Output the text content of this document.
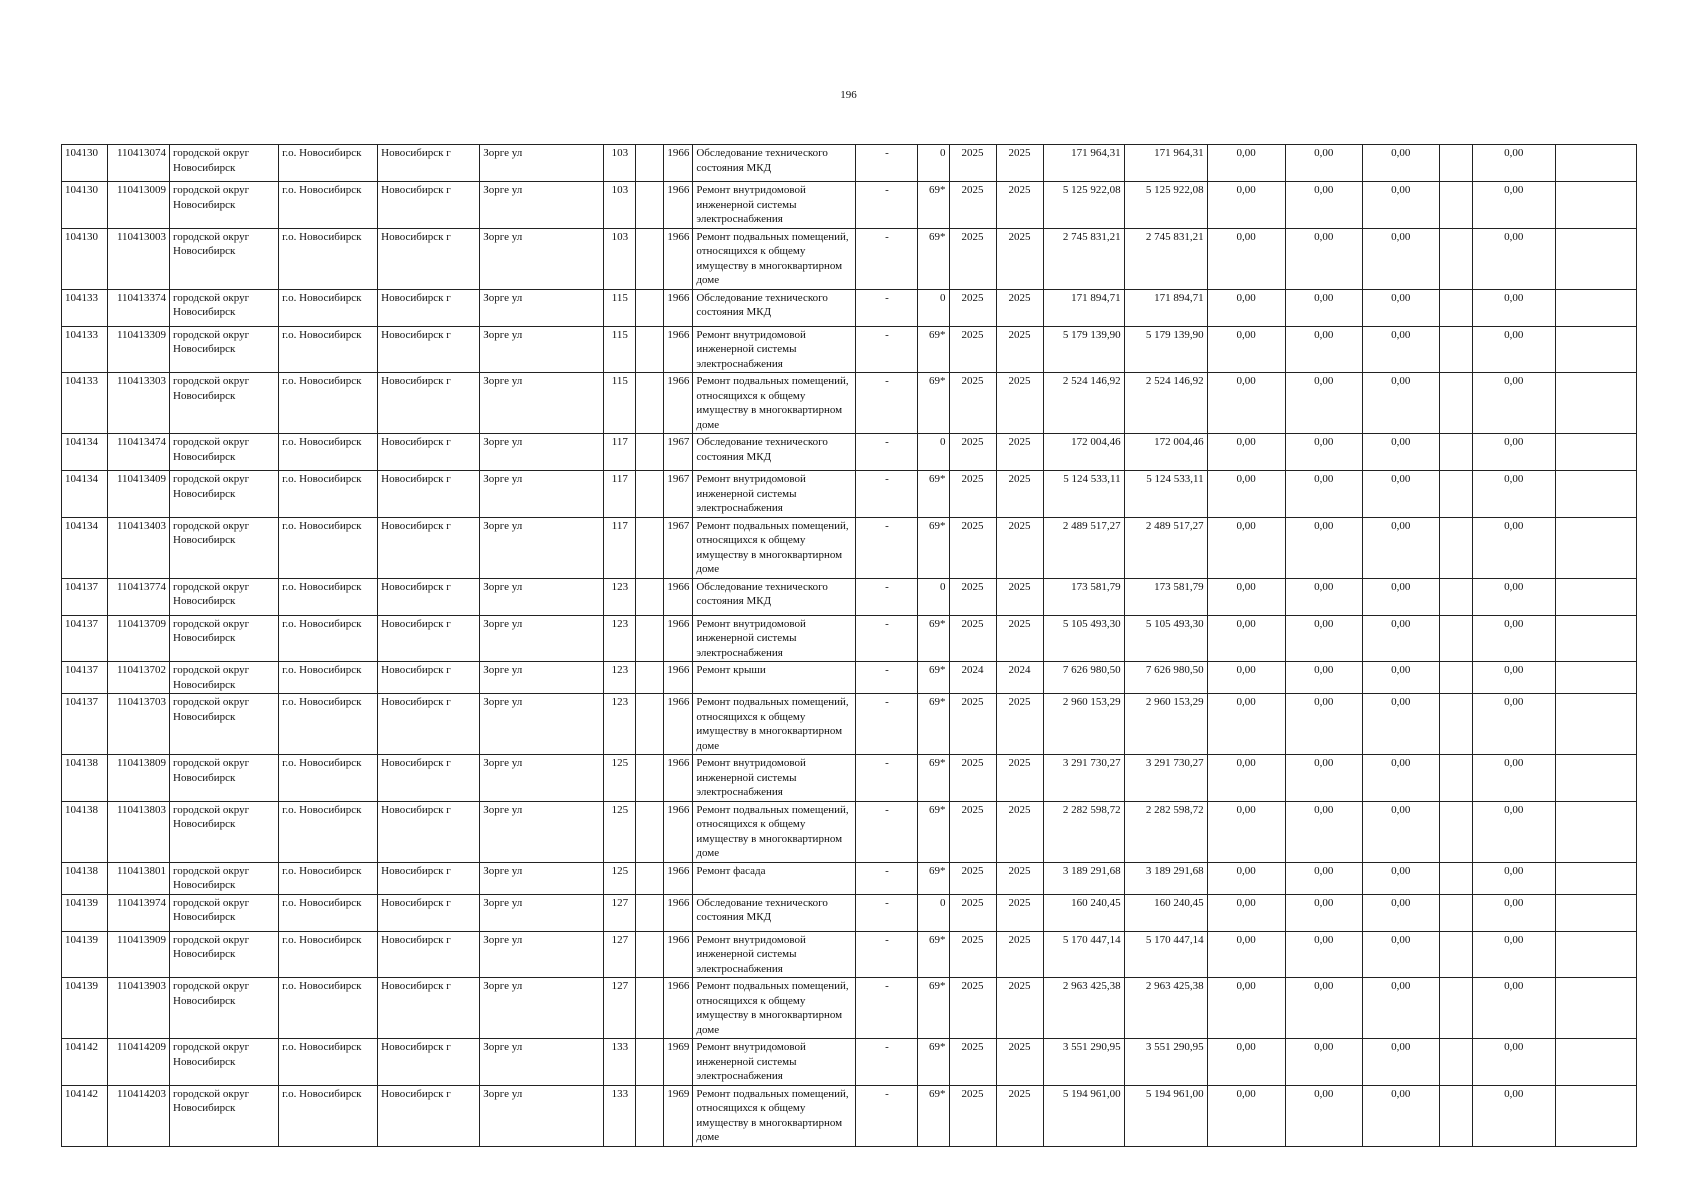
196
104130	110413074	городской округ Новосибирск	г.о. Новосибирск	Новосибирск г	Зорге ул	103		1966	Обследование технического состояния МКД	-	0	2025	2025	171 964,31	171 964,31	0,00	0,00	0,00		0,00	
104130	110413009	городской округ Новосибирск	г.о. Новосибирск	Новосибирск г	Зорге ул	103		1966	Ремонт внутридомовой инженерной системы электроснабжения	-	69*	2025	2025	5 125 922,08	5 125 922,08	0,00	0,00	0,00		0,00	
104130	110413003	городской округ Новосибирск	г.о. Новосибирск	Новосибирск г	Зорге ул	103		1966	Ремонт подвальных помещений, относящихся к общему имуществу в многоквартирном доме	-	69*	2025	2025	2 745 831,21	2 745 831,21	0,00	0,00	0,00		0,00	
104133	110413374	городской округ Новосибирск	г.о. Новосибирск	Новосибирск г	Зорге ул	115		1966	Обследование технического состояния МКД	-	0	2025	2025	171 894,71	171 894,71	0,00	0,00	0,00		0,00	
104133	110413309	городской округ Новосибирск	г.о. Новосибирск	Новосибирск г	Зорге ул	115		1966	Ремонт внутридомовой инженерной системы электроснабжения	-	69*	2025	2025	5 179 139,90	5 179 139,90	0,00	0,00	0,00		0,00	
104133	110413303	городской округ Новосибирск	г.о. Новосибирск	Новосибирск г	Зорге ул	115		1966	Ремонт подвальных помещений, относящихся к общему имуществу в многоквартирном доме	-	69*	2025	2025	2 524 146,92	2 524 146,92	0,00	0,00	0,00		0,00	
104134	110413474	городской округ Новосибирск	г.о. Новосибирск	Новосибирск г	Зорге ул	117		1967	Обследование технического состояния МКД	-	0	2025	2025	172 004,46	172 004,46	0,00	0,00	0,00		0,00	
104134	110413409	городской округ Новосибирск	г.о. Новосибирск	Новосибирск г	Зорге ул	117		1967	Ремонт внутридомовой инженерной системы электроснабжения	-	69*	2025	2025	5 124 533,11	5 124 533,11	0,00	0,00	0,00		0,00	
104134	110413403	городской округ Новосибирск	г.о. Новосибирск	Новосибирск г	Зорге ул	117		1967	Ремонт подвальных помещений, относящихся к общему имуществу в многоквартирном доме	-	69*	2025	2025	2 489 517,27	2 489 517,27	0,00	0,00	0,00		0,00	
104137	110413774	городской округ Новосибирск	г.о. Новосибирск	Новосибирск г	Зорге ул	123		1966	Обследование технического состояния МКД	-	0	2025	2025	173 581,79	173 581,79	0,00	0,00	0,00		0,00	
104137	110413709	городской округ Новосибирск	г.о. Новосибирск	Новосибирск г	Зорге ул	123		1966	Ремонт внутридомовой инженерной системы электроснабжения	-	69*	2025	2025	5 105 493,30	5 105 493,30	0,00	0,00	0,00		0,00	
104137	110413702	городской округ Новосибирск	г.о. Новосибирск	Новосибирск г	Зорге ул	123		1966	Ремонт крыши	-	69*	2024	2024	7 626 980,50	7 626 980,50	0,00	0,00	0,00		0,00	
104137	110413703	городской округ Новосибирск	г.о. Новосибирск	Новосибирск г	Зорге ул	123		1966	Ремонт подвальных помещений, относящихся к общему имуществу в многоквартирном доме	-	69*	2025	2025	2 960 153,29	2 960 153,29	0,00	0,00	0,00		0,00	
104138	110413809	городской округ Новосибирск	г.о. Новосибирск	Новосибирск г	Зорге ул	125		1966	Ремонт внутридомовой инженерной системы электроснабжения	-	69*	2025	2025	3 291 730,27	3 291 730,27	0,00	0,00	0,00		0,00	
104138	110413803	городской округ Новосибирск	г.о. Новосибирск	Новосибирск г	Зорге ул	125		1966	Ремонт подвальных помещений, относящихся к общему имуществу в многоквартирном доме	-	69*	2025	2025	2 282 598,72	2 282 598,72	0,00	0,00	0,00		0,00	
104138	110413801	городской округ Новосибирск	г.о. Новосибирск	Новосибирск г	Зорге ул	125		1966	Ремонт фасада	-	69*	2025	2025	3 189 291,68	3 189 291,68	0,00	0,00	0,00		0,00	
104139	110413974	городской округ Новосибирск	г.о. Новосибирск	Новосибирск г	Зорге ул	127		1966	Обследование технического состояния МКД	-	0	2025	2025	160 240,45	160 240,45	0,00	0,00	0,00		0,00	
104139	110413909	городской округ Новосибирск	г.о. Новосибирск	Новосибирск г	Зорге ул	127		1966	Ремонт внутридомовой инженерной системы электроснабжения	-	69*	2025	2025	5 170 447,14	5 170 447,14	0,00	0,00	0,00		0,00	
104139	110413903	городской округ Новосибирск	г.о. Новосибирск	Новосибирск г	Зорге ул	127		1966	Ремонт подвальных помещений, относящихся к общему имуществу в многоквартирном доме	-	69*	2025	2025	2 963 425,38	2 963 425,38	0,00	0,00	0,00		0,00	
104142	110414209	городской округ Новосибирск	г.о. Новосибирск	Новосибирск г	Зорге ул	133		1969	Ремонт внутридомовой инженерной системы электроснабжения	-	69*	2025	2025	3 551 290,95	3 551 290,95	0,00	0,00	0,00		0,00	
104142	110414203	городской округ Новосибирск	г.о. Новосибирск	Новосибирск г	Зорге ул	133		1969	Ремонт подвальных помещений, относящихся к общему имуществу в многоквартирном доме	-	69*	2025	2025	5 194 961,00	5 194 961,00	0,00	0,00	0,00		0,00	
